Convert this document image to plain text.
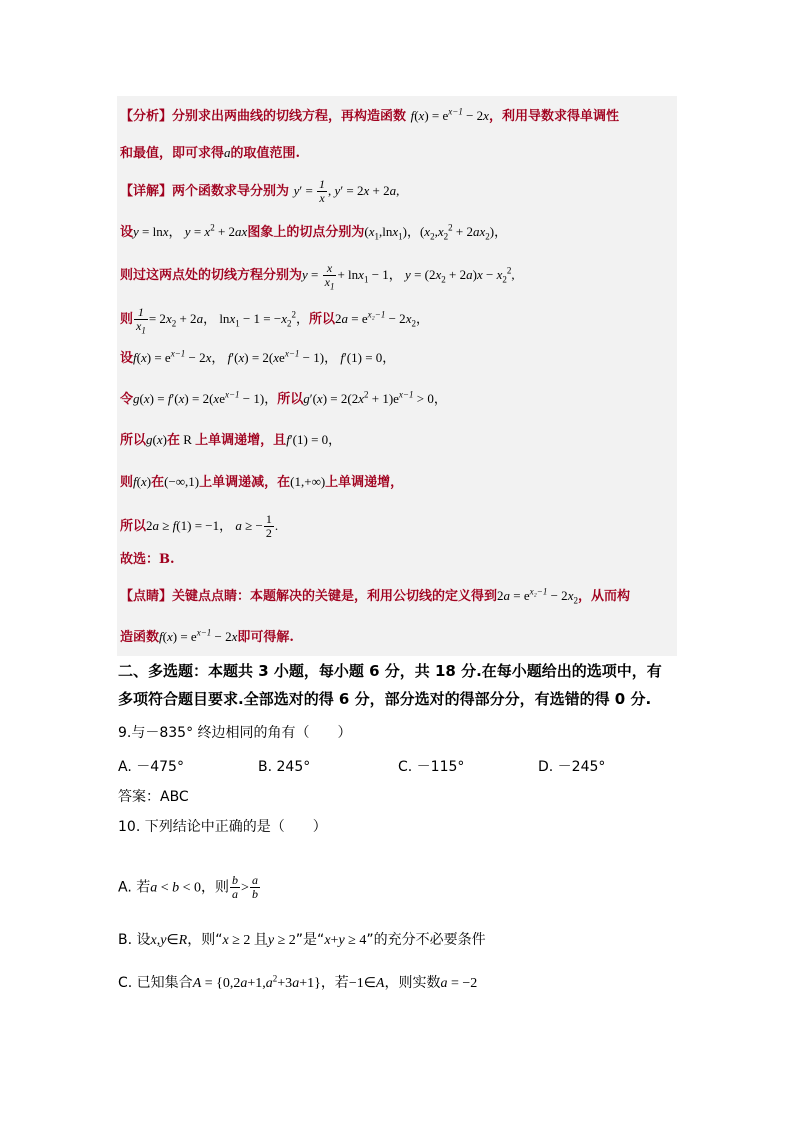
【分析】分别求出两曲线的切线方程，再构造函数 $f(x) = e^{x-1} - 2x$，利用导数求得单调性
和最值，即可求得a的取值范围.
【详解】两个函数求导分别为 $y' = \frac{1}{x}$ , y′ = 2x + 2a,
设y = lnx， $y = x^2 + 2ax$图象上的切点分别为$(x_1,\ln x_1)$，$(x_2,x_2^2 + 2ax_2)$，
则过这两点处的切线方程分别为$y = \frac{x}{x_1} + \ln x_1 - 1$， $y = (2x_2 + 2a)x - x_2^2$,
则 $\frac{1}{x_1} = 2x_2 + 2a$， $\ln x_1 - 1 = -x_2^2$，所以$2a = e^{x_2-1} - 2x_2$，
设$f(x) = e^{x-1} - 2x$， $f'(x) = 2(xe^{x-1} - 1)$， f′(1) = 0，
令$g(x) = f'(x) = 2(xe^{x-1} - 1)$，所以$g'(x) = 2(2x^2 + 1)e^{x-1} > 0$，
所以g(x)在 R 上单调递增，且f′(1) = 0，
则f(x)在(−∞,1)上单调递减，在(1,+∞)上单调递增，
所以2a ≥ f(1) = −1， a ≥ − $\frac{1}{2}$ .
故选：B.
【点睛】关键点点睛：本题解决的关键是，利用公切线的定义得到$2a = e^{x_2-1} - 2x_2$，从而构
造函数$f(x) = e^{x-1} - 2x$即可得解.
二、多选题：本题共 3 小题，每小题 6 分，共 18 分.在每小题给出的选项中，有
多项符合题目要求.全部选对的得 6 分，部分选对的得部分分，有选错的得 0 分.
9.与－835° 终边相同的角有（　　）
A. －475°	B. 245°	C. －115°	D. －245°
答案：ABC
10. 下列结论中正确的是（　　）
A. 若a < b < 0，则 $\frac{b}{a} > \frac{a}{b}$
B. 设x,y∈R，则“x ≥ 2 且y ≥ 2”是“x+y ≥ 4”的充分不必要条件
C. 已知集合$A = \{0,2a+1,a^2+3a+1\}$，若−1∈A，则实数a = −2
